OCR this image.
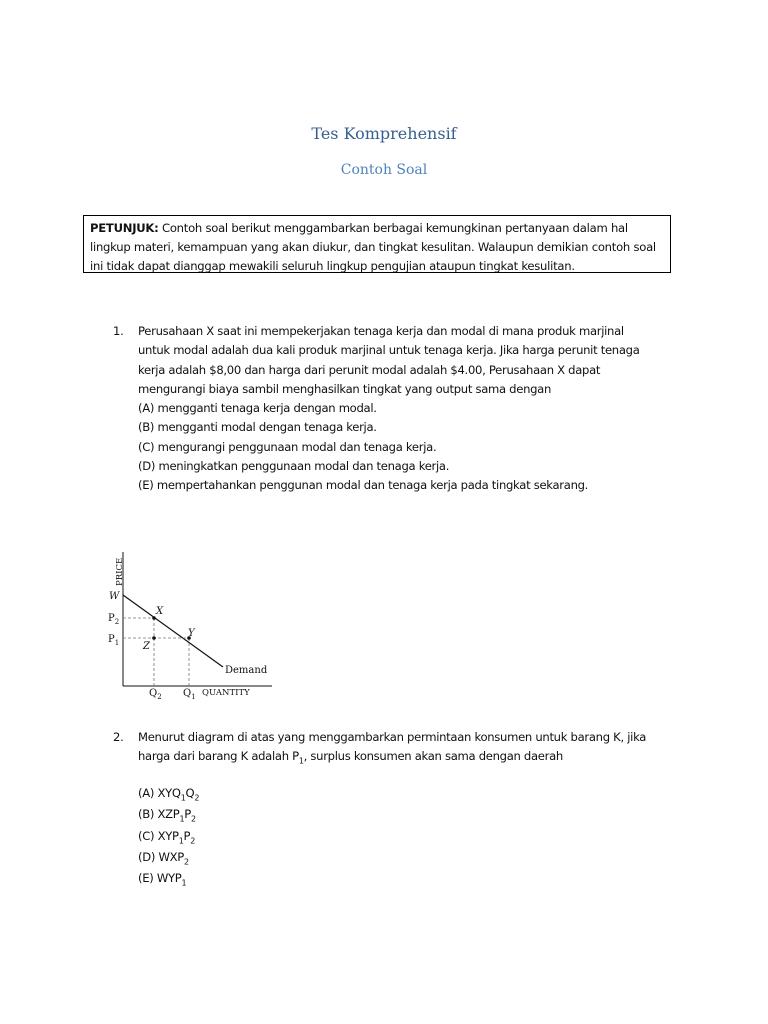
Tes Komprehensif
Contoh Soal
PETUNJUK: Contoh soal berikut menggambarkan berbagai kemungkinan pertanyaan dalam hal lingkup materi, kemampuan yang akan diukur, dan tingkat kesulitan. Walaupun demikian contoh soal ini tidak dapat dianggap mewakili seluruh lingkup pengujian ataupun tingkat kesulitan.
1. Perusahaan X saat ini mempekerjakan tenaga kerja dan modal di mana produk marjinal
untuk modal adalah dua kali produk marjinal untuk tenaga kerja. Jika harga perunit tenaga
kerja adalah $8,00 dan harga dari perunit modal adalah $4.00, Perusahaan X dapat
mengurangi biaya sambil menghasilkan tingkat yang output sama dengan
(A) mengganti tenaga kerja dengan modal.
(B) mengganti modal dengan tenaga kerja.
(C) mengurangi penggunaan modal dan tenaga kerja.
(D) meningkatkan penggunaan modal dan tenaga kerja.
(E) mempertahankan penggunan modal dan tenaga kerja pada tingkat sekarang.
PRICE
W
$P_2$
$P_1$
X
Y
Z
Demand
$Q_2$ $Q_1$ QUANTITY
2. Menurut diagram di atas yang menggambarkan permintaan konsumen untuk barang K, jika
harga dari barang K adalah $P_1$, surplus konsumen akan sama dengan daerah
(A) $XYQ_1Q_2$
(B) $XZP_1P_2$
(C) $XYP_1P_2$
(D) $WXP_2$
(E) $WYP_1$
